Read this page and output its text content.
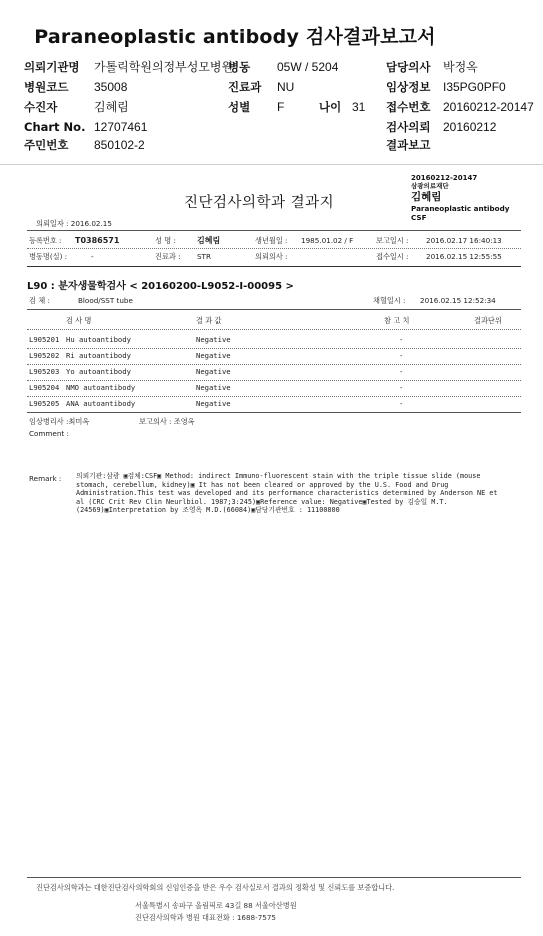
Paraneoplastic antibody 검사결과보고서
의뢰기관명 가톨릭학원의정부성모병원
병동 05W / 5204	담당의사 박정옥
병원코드 35008	진료과 NU	임상정보 I35PG0PF0
수진자	김혜림	성별 F	나이 31 접수번호 20160212-20147
Chart No. 12707461	검사의뢰 20160212
주민번호 850102-2	결과보고
20160212-20147
삼광의료재단
김혜림
Paraneoplastic antibody
CSF
진단검사의학과 결과지
의뢰일자 : 2016.02.15
등록번호 : T0386571	성 명 :	김혜림	생년월일 : 1985.01.02 / F	보고일시 : 2016.02.17 16:40:13
병동명(실) :	-	진료과 : STR	의뢰의사 :	접수일시 : 2016.02.15 12:55:55
L90 : 분자생물학검사 < 20160200-L9052-I-00095 >
검 체 :	Blood/SST tube	채혈일시 : 2016.02.15 12:52:34
검 사 명	결 과 값	참 고 치	결과단위
L905201 Hu autoantibody	Negative	-
L905202 Ri autoantibody	Negative	-
L905203 Yo autoantibody	Negative	-
L905204 NMO autoantibody	Negative	-
L905205 ANA autoantibody	Negative	-
임상병리사 :최미옥	보고의사 : 조영옥
Comment :
Remark : 의뢰기관:삼광 ▣검체:CSF▣ Method: indirect Immuno-fluorescent stain with the triple tissue slide (mouse
stomach, cerebellum, kidney)▣ It has not been cleared or approved by the U.S. Food and Drug
Administration.This test was developed and its performance characteristics determined by Anderson NE et
al (CRC Crit Rev Clin Neurlbiol. 1987;3:245)▣Reference value: Negative▣Tested by 김승일 M.T.
(24569)▣Interpretation by 조영옥 M.D.(66084)▣담당기관번호 : 11100800
진단검사의학과는 대한진단검사의학회의 신임인증을 받은 우수 검사실로서 결과의 정확성 및 신뢰도를 보증합니다.
서울특별시 송파구 올림픽로 43길 88 서울아산병원
진단검사의학과 병원 대표전화 : 1688-7575
